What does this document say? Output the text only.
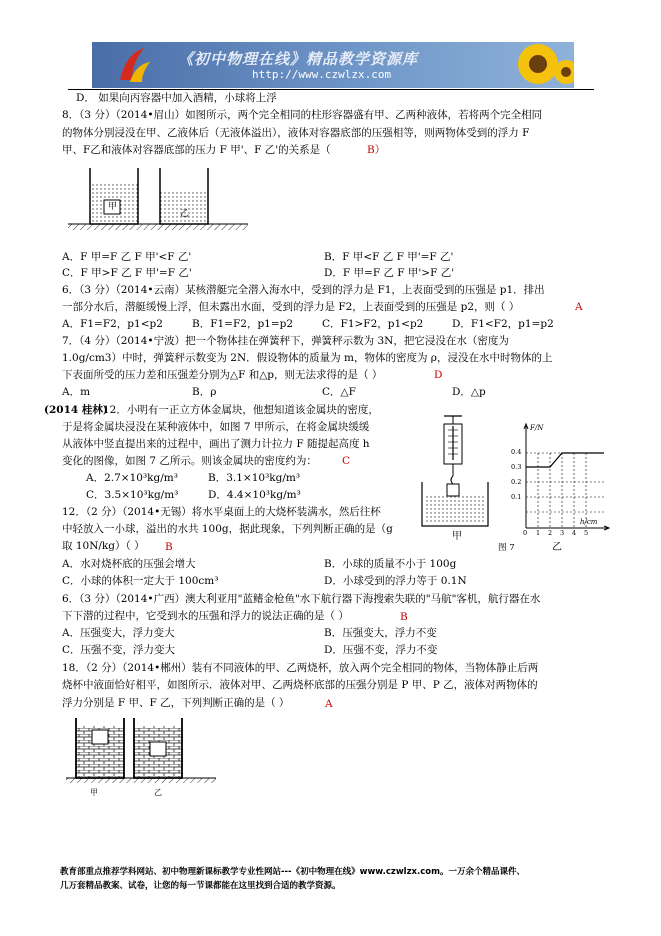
《初中物理在线》精品教学资源库
http://www.czwlzx.com
D． 如果向丙容器中加入酒精，小球将上浮
8．（3 分）（2014•眉山）如图所示，两个完全相同的柱形容器盛有甲、乙两种液体，若将两个完全相同
的物体分别浸没在甲、乙液体后（无液体溢出），液体对容器底部的压强相等，则两物体受到的浮力 F
甲、F乙和液体对容器底部的压力 F 甲'、F 乙'的关系是（	B）
甲
乙
A．F 甲=F 乙 F 甲'<F 乙'	B．F 甲<F 乙 F 甲'=F 乙'
C．F 甲>F 乙 F 甲'=F 乙'	D．F 甲=F 乙 F 甲'>F 乙'
6．（3 分）（2014•云南）某核潜艇完全潜入海水中，受到的浮力是 F1，上表面受到的压强是 p1．排出
一部分水后，潜艇缓慢上浮，但未露出水面，受到的浮力是 F2，上表面受到的压强是 p2，则（ ）	A
A．F1=F2，p1<p2	B．F1=F2，p1=p2	C．F1>F2，p1<p2	D．F1<F2，p1=p2
7．（4 分）（2014•宁波）把一个物体挂在弹簧秤下，弹簧秤示数为 3N，把它浸没在水（密度为
1.0g/cm3）中时，弹簧秤示数变为 2N．假设物体的质量为 m，物体的密度为 ρ，浸没在水中时物体的上
下表面所受的压力差和压强差分别为△F 和△p，则无法求得的是（ ）	D
A．m	B．ρ	C．△F	D．△p
(2014 桂林)
12．小明有一正立方体金属块，他想知道该金属块的密度，
于是将金属块浸没在某种液体中，如图 7 甲所示，在将金属块缓缓
从液体中竖直提出来的过程中，画出了测力计拉力 F 随提起高度 h
变化的图像，如图 7 乙所示。则该金属块的密度约为： C
A．2.7×10³kg/m³	B．3.1×10³kg/m³
C．3.5×10³kg/m³	D．4.4×10³kg/m³
甲
F/N
h/cm
0.4
0.3
0.2
0.1
0 1 2 3 4 5
乙
图 7
12．（2 分）（2014•无锡）将水平桌面上的大烧杯装满水，然后往杯
中轻放入一小球，溢出的水共 100g，据此现象，下列判断正确的是（g
取 10N/kg）（ ） B
A．水对烧杯底的压强会增大	B．小球的质量不小于 100g
C．小球的体积一定大于 100cm³	D．小球受到的浮力等于 0.1N
6．（3 分）（2014•广西）澳大利亚用"蓝鳍金枪鱼"水下航行器下海搜索失联的"马航"客机，航行器在水
下下潜的过程中，它受到水的压强和浮力的说法正确的是（ ）	B
A．压强变大，浮力变大	B．压强变大，浮力不变
C．压强不变，浮力变大	D．压强不变，浮力不变
18．（2 分）（2014•郴州）装有不同液体的甲、乙两烧杯，放入两个完全相同的物体，当物体静止后两
烧杯中液面恰好相平，如图所示．液体对甲、乙两烧杯底部的压强分别是 P 甲、P 乙，液体对两物体的
浮力分别是 F 甲、F 乙，下列判断正确的是（ ）	A
甲	乙
教育部重点推荐学科网站、初中物理新课标教学专业性网站---《初中物理在线》www.czwlzx.com。一万余个精品课件、
几万套精品教案、试卷，让您的每一节课都能在这里找到合适的教学资源。
